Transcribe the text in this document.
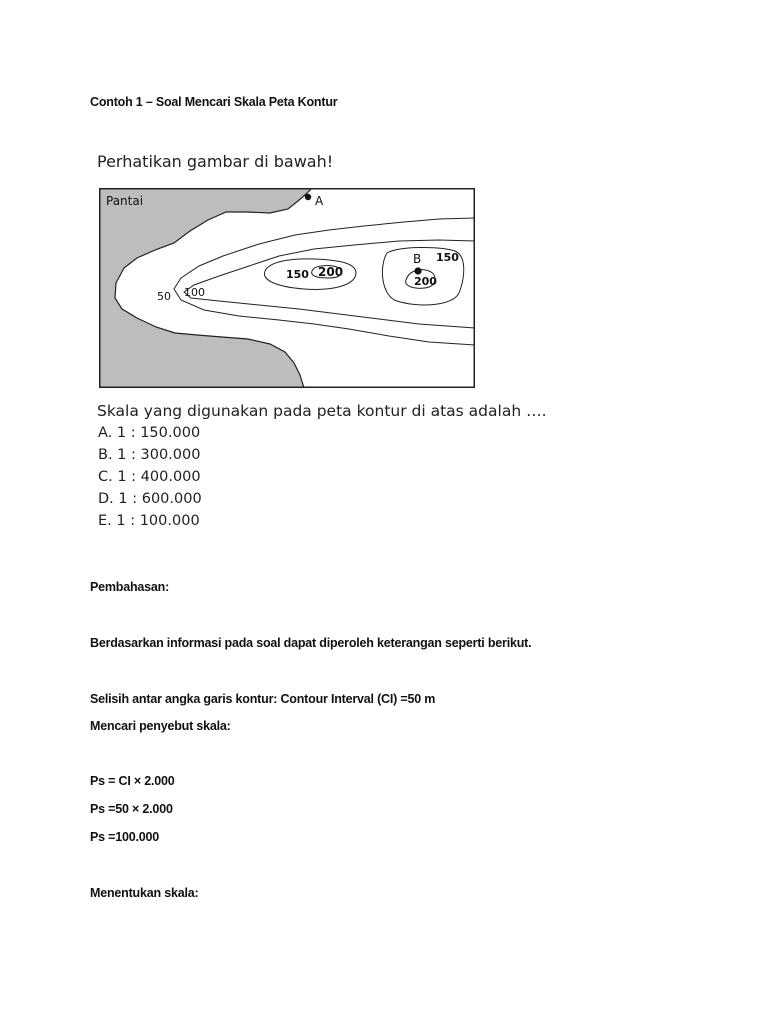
Contoh 1 – Soal Mencari Skala Peta Kontur
Perhatikan gambar di bawah!
Pantai	A
B
50 100
150 200
150
200
Skala yang digunakan pada peta kontur di atas adalah ….
A. 1 : 150.000
B. 1 : 300.000
C. 1 : 400.000
D. 1 : 600.000
E. 1 : 100.000
Pembahasan:
Berdasarkan informasi pada soal dapat diperoleh keterangan seperti berikut.
Selisih antar angka garis kontur: Contour Interval (CI) =50 m
Mencari penyebut skala:
Ps = CI × 2.000
Ps =50 × 2.000
Ps =100.000
Menentukan skala:
